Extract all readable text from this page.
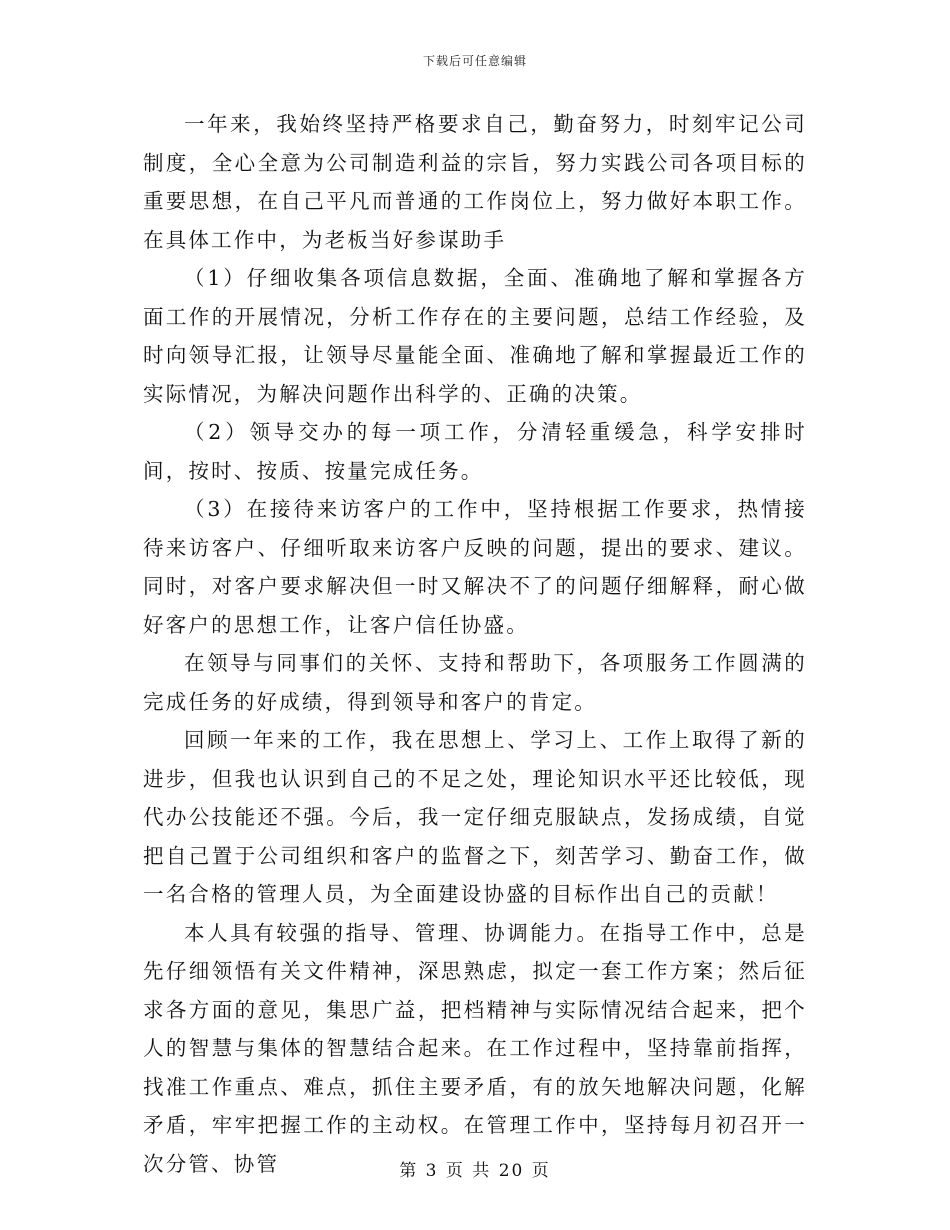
下载后可任意编辑

一年来，我始终坚持严格要求自己，勤奋努力，时刻牢记公司制度，全心全意为公司制造利益的宗旨，努力实践公司各项目标的重要思想，在自己平凡而普通的工作岗位上，努力做好本职工作。在具体工作中，为老板当好参谋助手

（1）仔细收集各项信息数据，全面、准确地了解和掌握各方面工作的开展情况，分析工作存在的主要问题，总结工作经验，及时向领导汇报，让领导尽量能全面、准确地了解和掌握最近工作的实际情况，为解决问题作出科学的、正确的决策。

（2）领导交办的每一项工作，分清轻重缓急，科学安排时间，按时、按质、按量完成任务。

（3）在接待来访客户的工作中，坚持根据工作要求，热情接待来访客户、仔细听取来访客户反映的问题，提出的要求、建议。同时，对客户要求解决但一时又解决不了的问题仔细解释，耐心做好客户的思想工作，让客户信任协盛。

在领导与同事们的关怀、支持和帮助下，各项服务工作圆满的完成任务的好成绩，得到领导和客户的肯定。

回顾一年来的工作，我在思想上、学习上、工作上取得了新的进步，但我也认识到自己的不足之处，理论知识水平还比较低，现代办公技能还不强。今后，我一定仔细克服缺点，发扬成绩，自觉把自己置于公司组织和客户的监督之下，刻苦学习、勤奋工作，做一名合格的管理人员，为全面建设协盛的目标作出自己的贡献！

本人具有较强的指导、管理、协调能力。在指导工作中，总是先仔细领悟有关文件精神，深思熟虑，拟定一套工作方案；然后征求各方面的意见，集思广益，把档精神与实际情况结合起来，把个人的智慧与集体的智慧结合起来。在工作过程中，坚持靠前指挥，找准工作重点、难点，抓住主要矛盾，有的放矢地解决问题，化解矛盾，牢牢把握工作的主动权。在管理工作中，坚持每月初召开一次分管、协管	第 3 页 共 20 页
